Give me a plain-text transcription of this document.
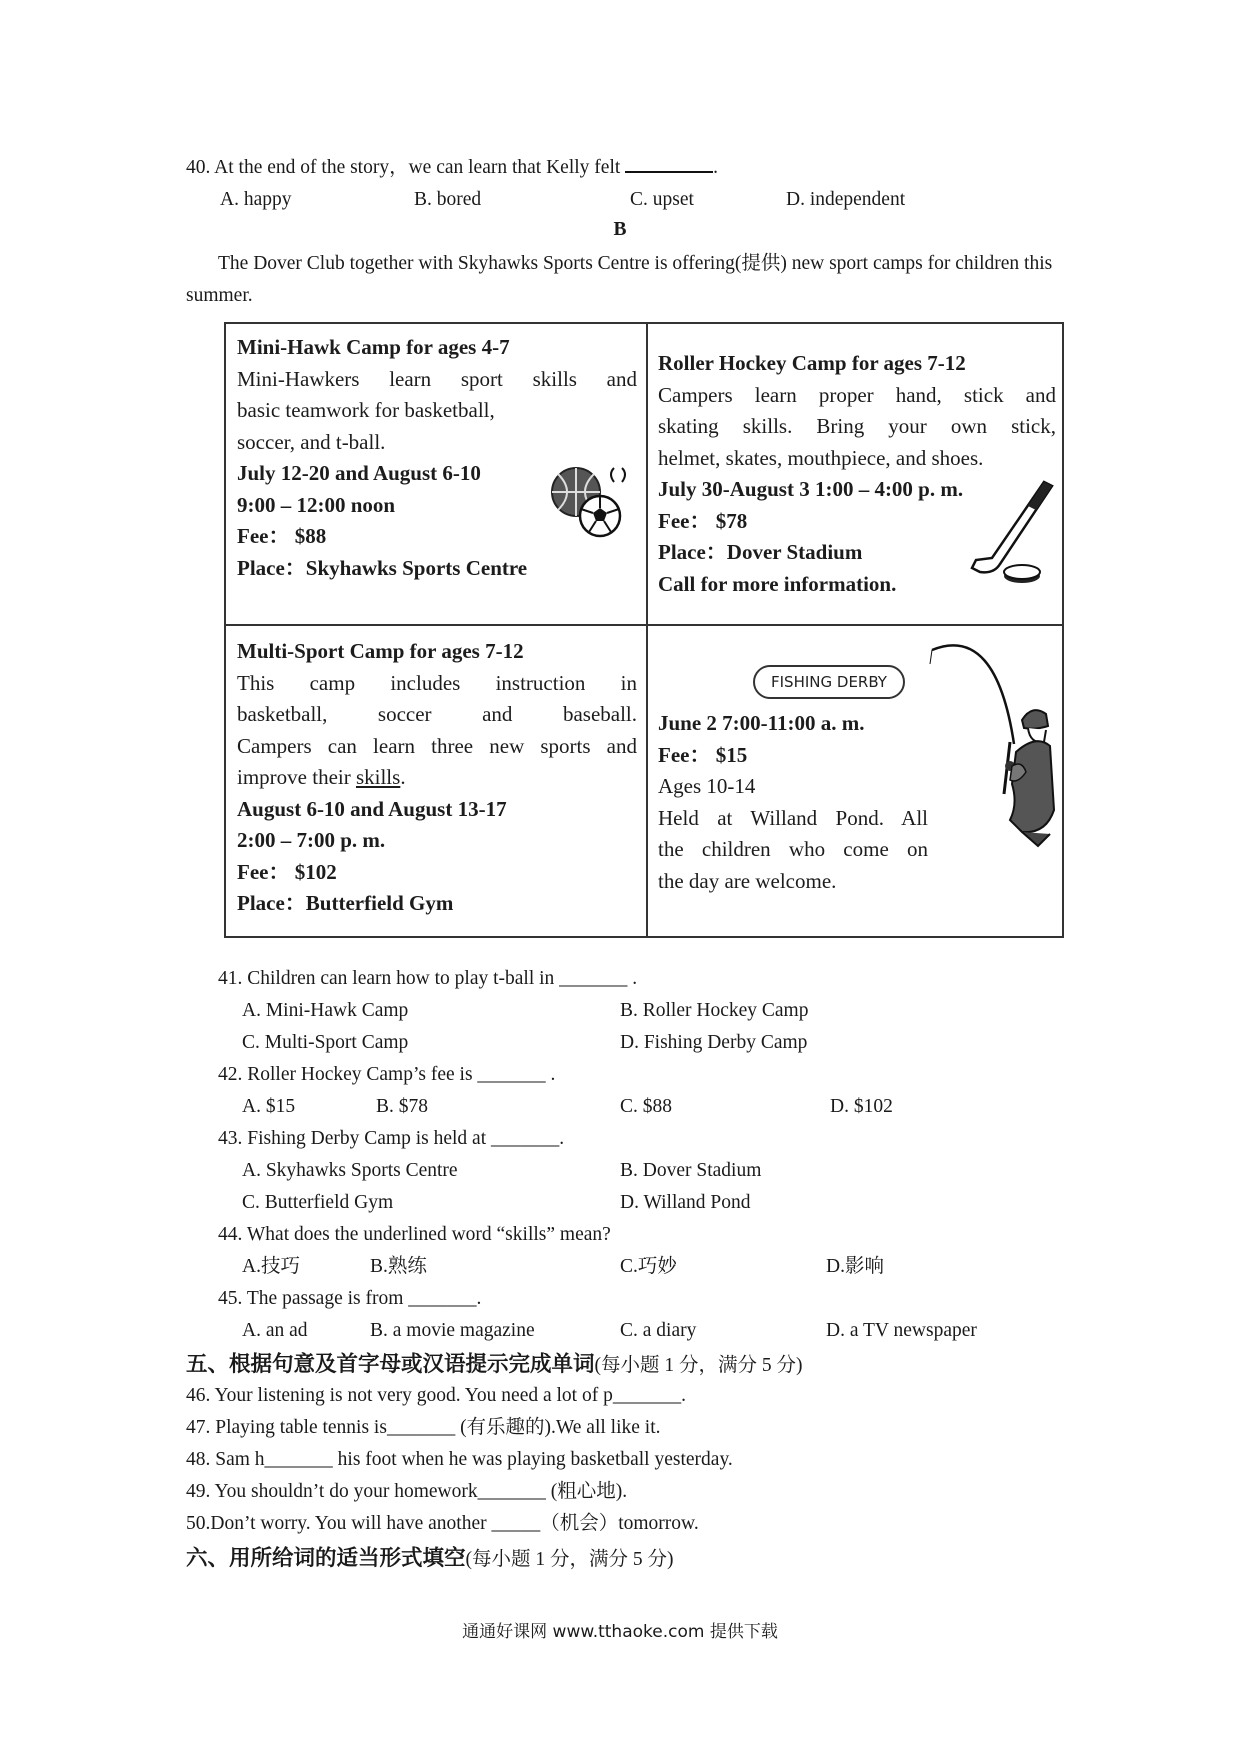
40. At the end of the story，we can learn that Kelly felt	.
A. happy	B. bored	C. upset	D. independent
B
The Dover Club together with Skyhawks Sports Centre is offering(提供) new sport camps for children this summer.
Mini-Hawk Camp for ages 4-7
Mini-Hawkers learn sport skills and
basic teamwork for basketball,
soccer, and t-ball.
July 12-20 and August 6-10
9:00 – 12:00 noon
Fee： $88
Place：Skyhawks Sports Centre
Roller Hockey Camp for ages 7-12
Campers learn proper hand, stick and
skating skills. Bring your own stick,
helmet, skates, mouthpiece, and shoes.
July 30-August 3 1:00 – 4:00 p. m.
Fee： $78
Place：Dover Stadium
Call for more information.
Multi-Sport Camp for ages 7-12
This camp includes instruction in
basketball, soccer and baseball.
Campers can learn three new sports and
improve their skills.
August 6-10 and August 13-17
2:00 – 7:00 p. m.
Fee： $102
Place：Butterfield Gym
FISHING DERBY
June 2 7:00-11:00 a. m.
Fee： $15
Ages 10-14
Held at Willand Pond. All
the children who come on
the day are welcome.
41. Children can learn how to play t-ball in _______ .
A. Mini-Hawk Camp	B. Roller Hockey Camp
C. Multi-Sport Camp	D. Fishing Derby Camp
42. Roller Hockey Camp’s fee is _______ .
A. $15	B. $78	C. $88	D. $102
43. Fishing Derby Camp is held at _______.
A. Skyhawks Sports Centre	B. Dover Stadium
C. Butterfield Gym	D. Willand Pond
44. What does the underlined word “skills” mean?
A.技巧	B.熟练	C.巧妙	D.影响
45. The passage is from _______.
A. an ad	B. a movie magazine	C. a diary	D. a TV newspaper
五、根据句意及首字母或汉语提示完成单词(每小题 1 分，满分 5 分)
46. Your listening is not very good. You need a lot of p_______.
47. Playing table tennis is_______ (有乐趣的).We all like it.
48. Sam h_______ his foot when he was playing basketball yesterday.
49. You shouldn’t do your homework_______ (粗心地).
50.Don’t worry. You will have another _____（机会）tomorrow.
六、用所给词的适当形式填空(每小题 1 分，满分 5 分)
通通好课网 www.tthaoke.com 提供下载
